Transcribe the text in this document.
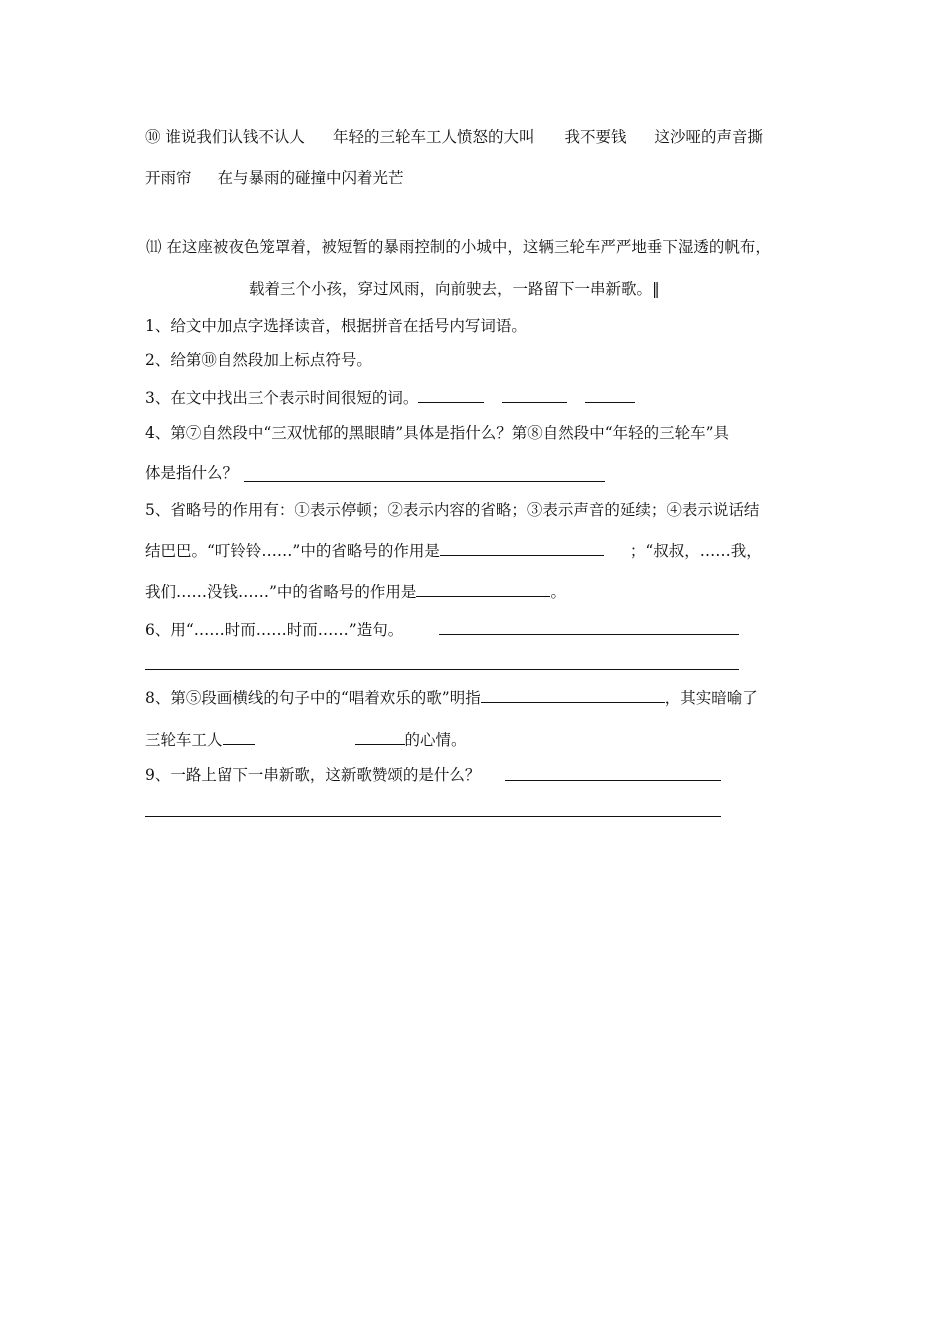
⑩ 谁说我们认钱不认人 年轻的三轮车工人愤怒的大叫 我不要钱 这沙哑的声音撕
开雨帘 在与暴雨的碰撞中闪着光芒
⑾ 在这座被夜色笼罩着，被短暂的暴雨控制的小城中，这辆三轮车严严地垂下湿透的帆布，
载着三个小孩，穿过风雨，向前驶去，一路留下一串新歌。‖
1、给文中加点字选择读音，根据拼音在括号内写词语。
2、给第⑩自然段加上标点符号。
3、在文中找出三个表示时间很短的词。
4、第⑦自然段中“三双忧郁的黑眼睛”具体是指什么？第⑧自然段中“年轻的三轮车”具
体是指什么？
5、省略号的作用有：①表示停顿；②表示内容的省略；③表示声音的延续；④表示说话结
结巴巴。“叮铃铃……”中的省略号的作用是	；“叔叔，……我，
我们……没钱……”中的省略号的作用是	。
6、用“……时而……时而……”造句。
8、第⑤段画横线的句子中的“唱着欢乐的歌”明指	，其实暗喻了
三轮车工人	的心情。
9、一路上留下一串新歌，这新歌赞颂的是什么？
